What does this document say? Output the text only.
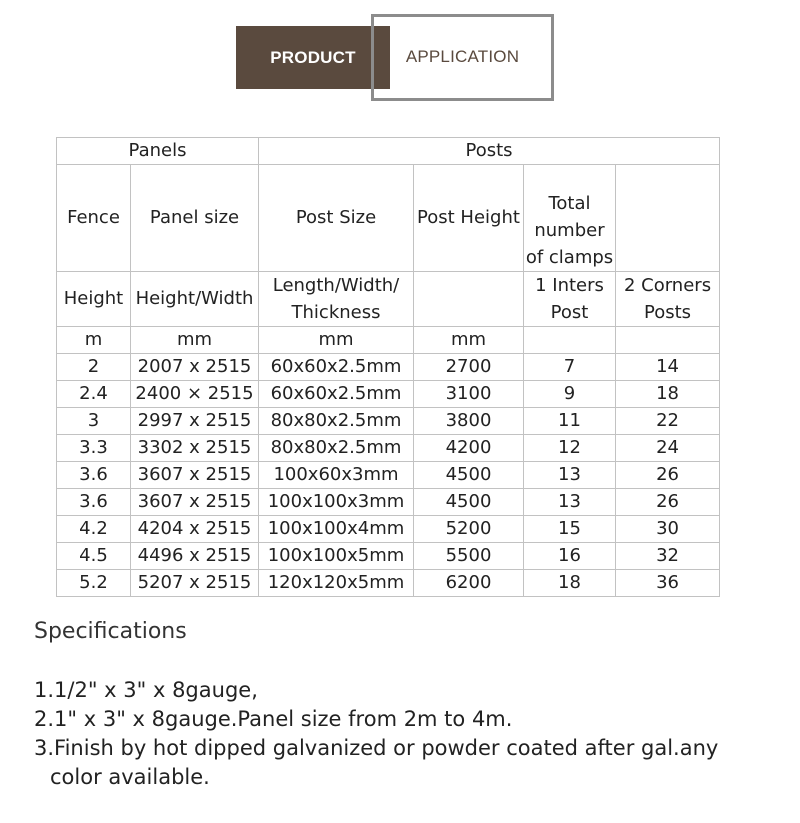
PRODUCT	APPLICATION
Panels		Posts			
Fence	Panel size	Post Size	Post Height	Total number of clamps	
Height	Height/Width	Length/Width/ Thickness		1 Inters Post	2 Corners Posts
m	mm	mm	mm		
2	2007 x 2515	60x60x2.5mm	2700	7	14
2.4	2400 × 2515	60x60x2.5mm	3100	9	18
3	2997 x 2515	80x80x2.5mm	3800	11	22
3.3	3302 x 2515	80x80x2.5mm	4200	12	24
3.6	3607 x 2515	100x60x3mm	4500	13	26
3.6	3607 x 2515	100x100x3mm	4500	13	26
4.2	4204 x 2515	100x100x4mm	5200	15	30
4.5	4496 x 2515	100x100x5mm	5500	16	32
5.2	5207 x 2515	120x120x5mm	6200	18	36
Specifications
1.1/2" x 3" x 8gauge,
2.1" x 3" x 8gauge.Panel size from 2m to 4m.
3.Finish by hot dipped galvanized or powder coated after gal.any
color available.
